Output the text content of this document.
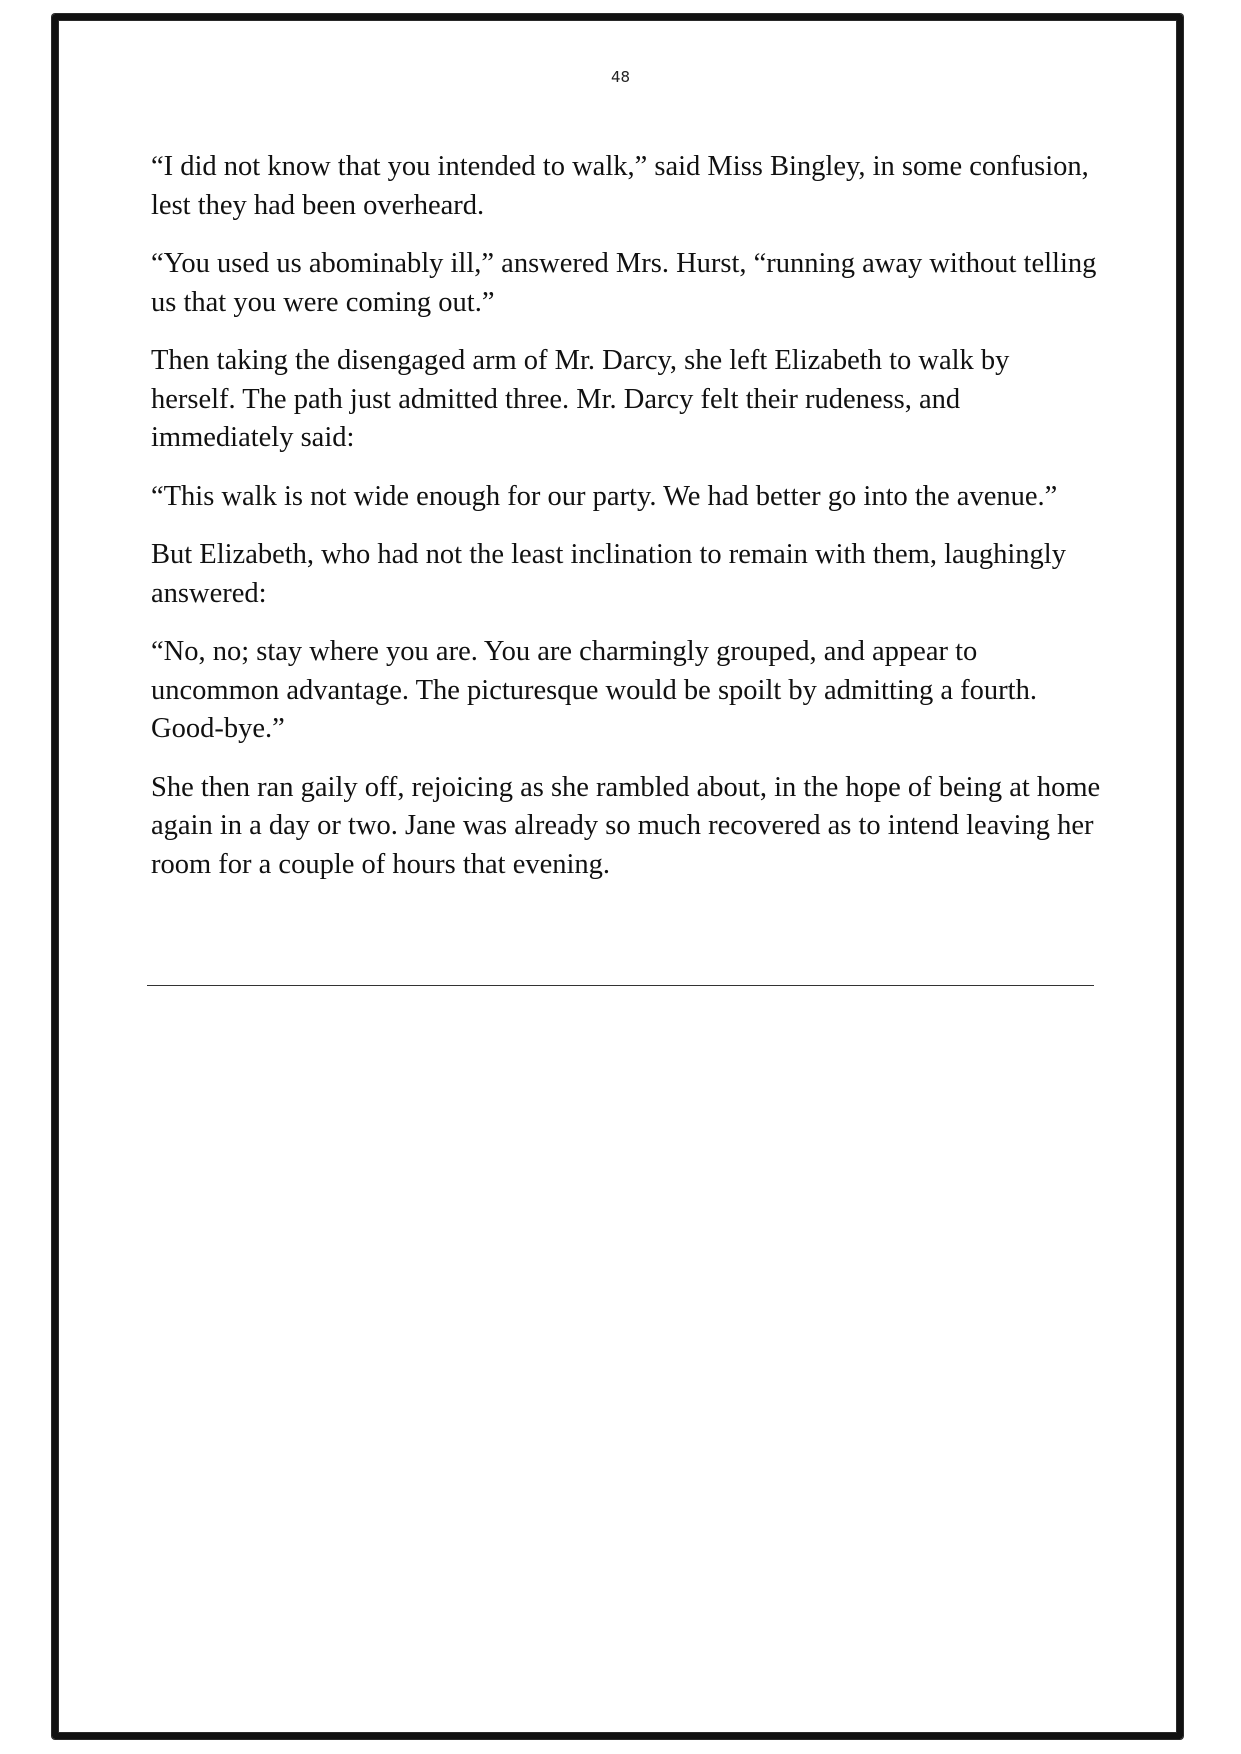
48

“I did not know that you intended to walk,” said Miss Bingley, in some confusion, lest they had been overheard.

“You used us abominably ill,” answered Mrs. Hurst, “running away without telling us that you were coming out.”

Then taking the disengaged arm of Mr. Darcy, she left Elizabeth to walk by herself. The path just admitted three. Mr. Darcy felt their rudeness, and immediately said:

“This walk is not wide enough for our party. We had better go into the avenue.”

But Elizabeth, who had not the least inclination to remain with them, laughingly answered:

“No, no; stay where you are. You are charmingly grouped, and appear to uncommon advantage. The picturesque would be spoilt by admitting a fourth. Good-bye.”

She then ran gaily off, rejoicing as she rambled about, in the hope of being at home again in a day or two. Jane was already so much recovered as to intend leaving her room for a couple of hours that evening.
